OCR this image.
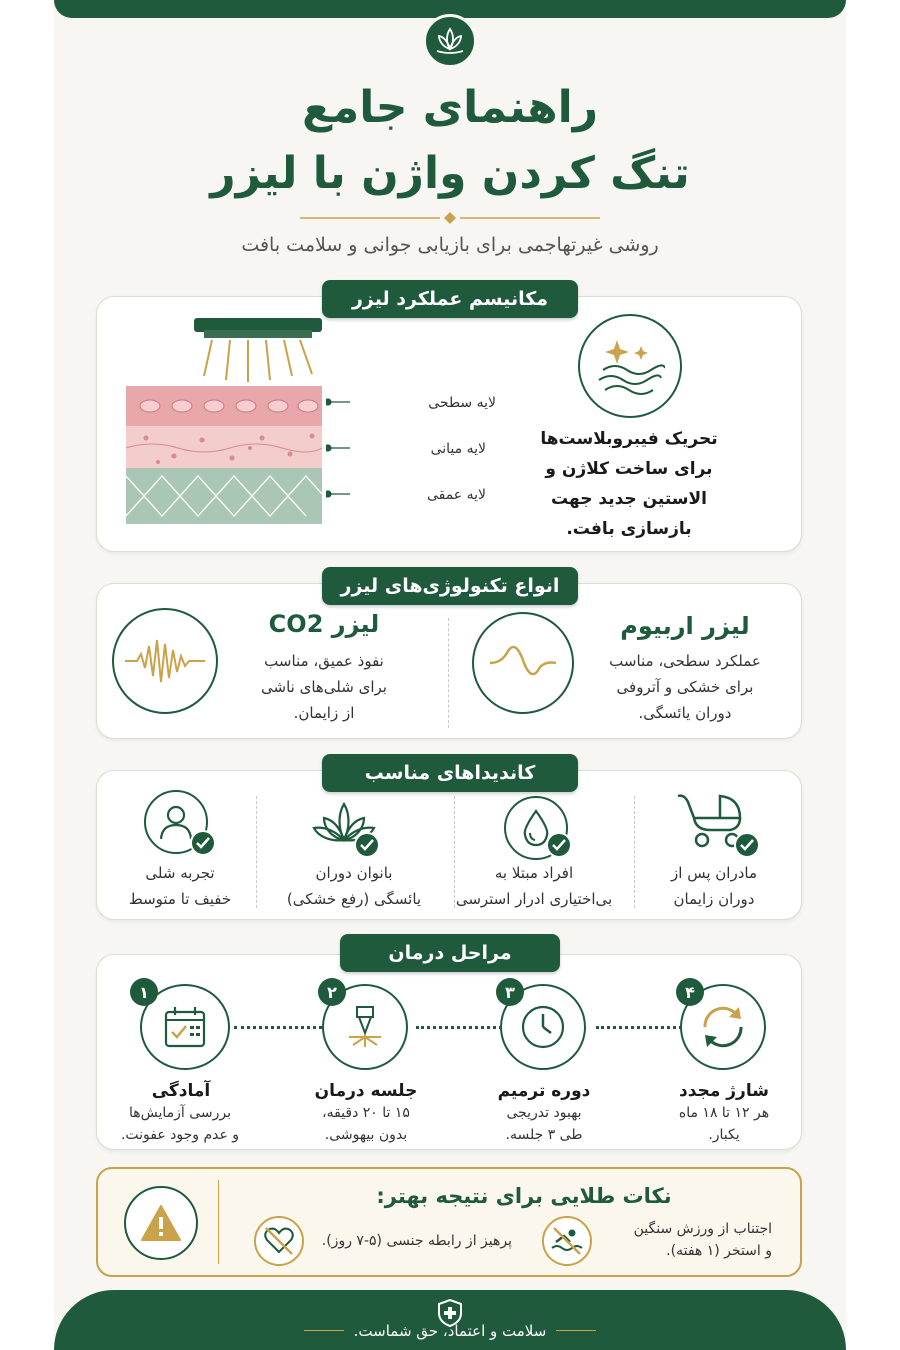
راهنمای جامع
تنگ کردن واژن با لیزر
روشی غیرتهاجمی برای بازیابی جوانی و سلامت بافت
مکانیسم عملکرد لیزر
لایه سطحی
لایه میانی
لایه عمقی
تحریک فیبروبلاست‌ها
برای ساخت کلاژن و
الاستین جدید جهت
بازسازی بافت.
انواع تکنولوژی‌های لیزر
لیزر اربیوم
عملکرد سطحی، مناسب
برای خشکی و آتروفی
دوران یائسگی.
لیزر CO2
نفوذ عمیق، مناسب
برای شلی‌های ناشی
از زایمان.
کاندیداهای مناسب
مادران پس از
دوران زایمان
افراد مبتلا به
بی‌اختیاری ادرار استرسی
بانوان دوران
یائسگی (رفع خشکی)
تجربه شلی
خفیف تا متوسط
مراحل درمان
۴
شارژ مجدد
هر ۱۲ تا ۱۸ ماه
یکبار.
۳
دوره ترمیم
بهبود تدریجی
طی ۳ جلسه.
۲
جلسه درمان
۱۵ تا ۲۰ دقیقه،
بدون بیهوشی.
۱
آمادگی
بررسی آزمایش‌ها
و عدم وجود عفونت.
نکات طلایی برای نتیجه بهتر:
اجتناب از ورزش سنگین
و استخر (۱ هفته).
پرهیز از رابطه جنسی (۵-۷ روز).
سلامت و اعتماد، حق شماست.
